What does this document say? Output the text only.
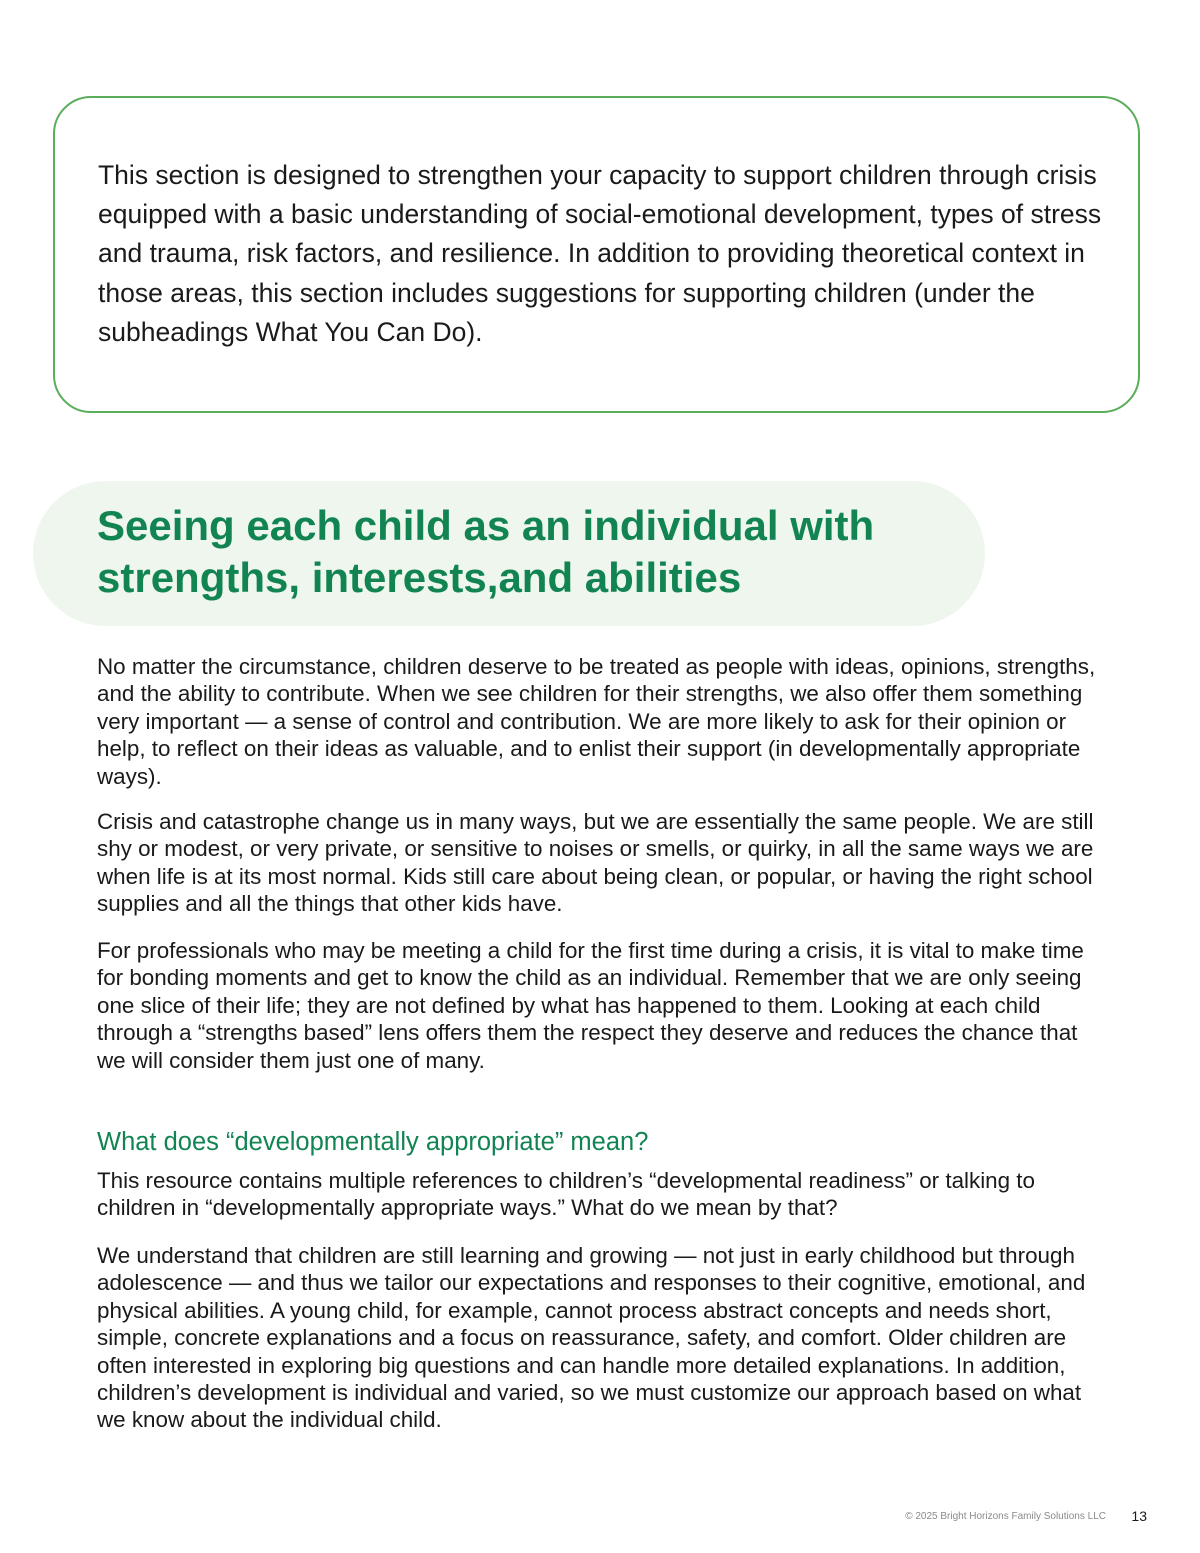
This section is designed to strengthen your capacity to support children through crisis equipped with a basic understanding of social-emotional development, types of stress and trauma, risk factors, and resilience. In addition to providing theoretical context in those areas, this section includes suggestions for supporting children (under the subheadings What You Can Do).

Seeing each child as an individual with strengths, interests,and abilities

No matter the circumstance, children deserve to be treated as people with ideas, opinions, strengths, and the ability to contribute. When we see children for their strengths, we also offer them something very important — a sense of control and contribution. We are more likely to ask for their opinion or help, to reflect on their ideas as valuable, and to enlist their support (in developmentally appropriate ways).

Crisis and catastrophe change us in many ways, but we are essentially the same people. We are still shy or modest, or very private, or sensitive to noises or smells, or quirky, in all the same ways we are when life is at its most normal. Kids still care about being clean, or popular, or having the right school supplies and all the things that other kids have.

For professionals who may be meeting a child for the first time during a crisis, it is vital to make time for bonding moments and get to know the child as an individual. Remember that we are only seeing one slice of their life; they are not defined by what has happened to them. Looking at each child through a “strengths based” lens offers them the respect they deserve and reduces the chance that we will consider them just one of many.

What does “developmentally appropriate” mean?

This resource contains multiple references to children’s “developmental readiness” or talking to children in “developmentally appropriate ways.” What do we mean by that?

We understand that children are still learning and growing — not just in early childhood but through adolescence — and thus we tailor our expectations and responses to their cognitive, emotional, and physical abilities. A young child, for example, cannot process abstract concepts and needs short, simple, concrete explanations and a focus on reassurance, safety, and comfort. Older children are often interested in exploring big questions and can handle more detailed explanations. In addition, children’s development is individual and varied, so we must customize our approach based on what we know about the individual child.

© 2025 Bright Horizons Family Solutions LLC 13
